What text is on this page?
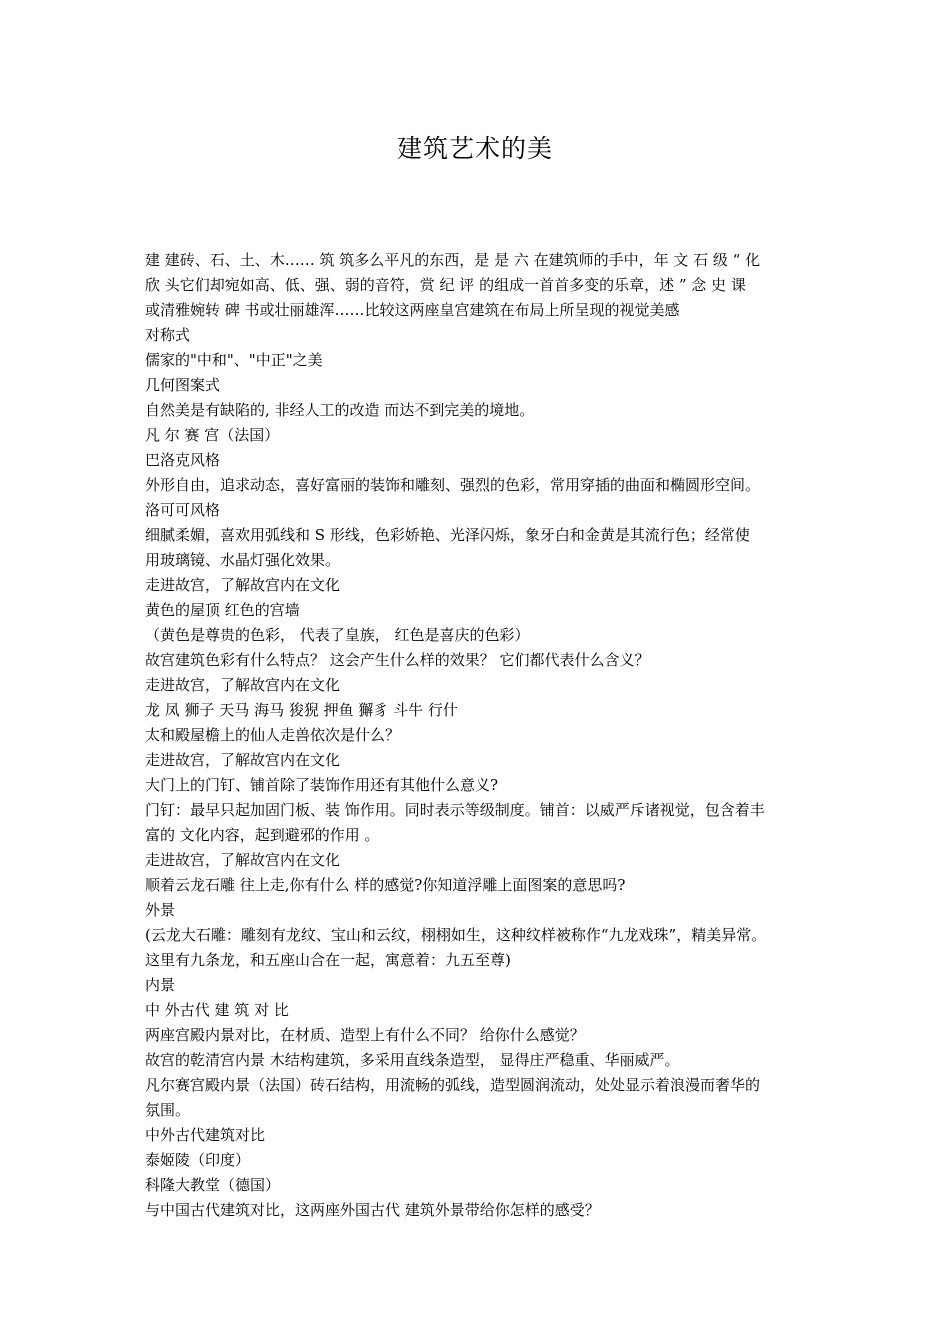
建筑艺术的美

建 建砖、石、土、木…… 筑 筑多么平凡的东西，是 是 六 在建筑师的手中，年 文 石 级 “ 化

欣 头它们却宛如高、低、强、弱的音符，赏 纪 评 的组成一首首多变的乐章，述 ” 念 史 课

或清雅婉转 碑 书或壮丽雄浑……比较这两座皇宫建筑在布局上所呈现的视觉美感

对称式

儒家的"中和"、"中正"之美

几何图案式

自然美是有缺陷的, 非经人工的改造 而达不到完美的境地。

凡 尔 赛 宫（法国）

巴洛克风格

外形自由，追求动态，喜好富丽的装饰和雕刻、强烈的色彩，常用穿插的曲面和椭圆形空间。

洛可可风格

细腻柔媚，喜欢用弧线和 S 形线，色彩娇艳、光泽闪烁，象牙白和金黄是其流行色；经常使

用玻璃镜、水晶灯强化效果。

走进故宫，了解故宫内在文化

黄色的屋顶 红色的宫墙

（黄色是尊贵的色彩， 代表了皇族， 红色是喜庆的色彩）

故宫建筑色彩有什么特点？ 这会产生什么样的效果？ 它们都代表什么含义？

走进故宫，了解故宫内在文化

龙 凤 狮子 天马 海马 狻猊 押鱼 獬豸 斗牛 行什

太和殿屋檐上的仙人走兽依次是什么？

走进故宫，了解故宫内在文化

大门上的门钉、铺首除了装饰作用还有其他什么意义?

门钉：最早只起加固门板、装 饰作用。同时表示等级制度。铺首：以威严斥诸视觉，包含着丰

富的 文化内容，起到避邪的作用 。

走进故宫，了解故宫内在文化

顺着云龙石雕 往上走,你有什么 样的感觉?你知道浮雕上面图案的意思吗?

外景

(云龙大石雕：雕刻有龙纹、宝山和云纹，栩栩如生，这种纹样被称作“九龙戏珠”，精美异常。

这里有九条龙，和五座山合在一起，寓意着：九五至尊)

内景

中 外古代 建 筑 对 比

两座宫殿内景对比，在材质、造型上有什么不同？ 给你什么感觉？

故宫的乾清宫内景 木结构建筑，多采用直线条造型， 显得庄严稳重、华丽威严。

凡尔赛宫殿内景（法国）砖石结构，用流畅的弧线，造型圆润流动，处处显示着浪漫而奢华的

氛围。

中外古代建筑对比

泰姬陵（印度）

科隆大教堂（德国）

与中国古代建筑对比，这两座外国古代 建筑外景带给你怎样的感受？
